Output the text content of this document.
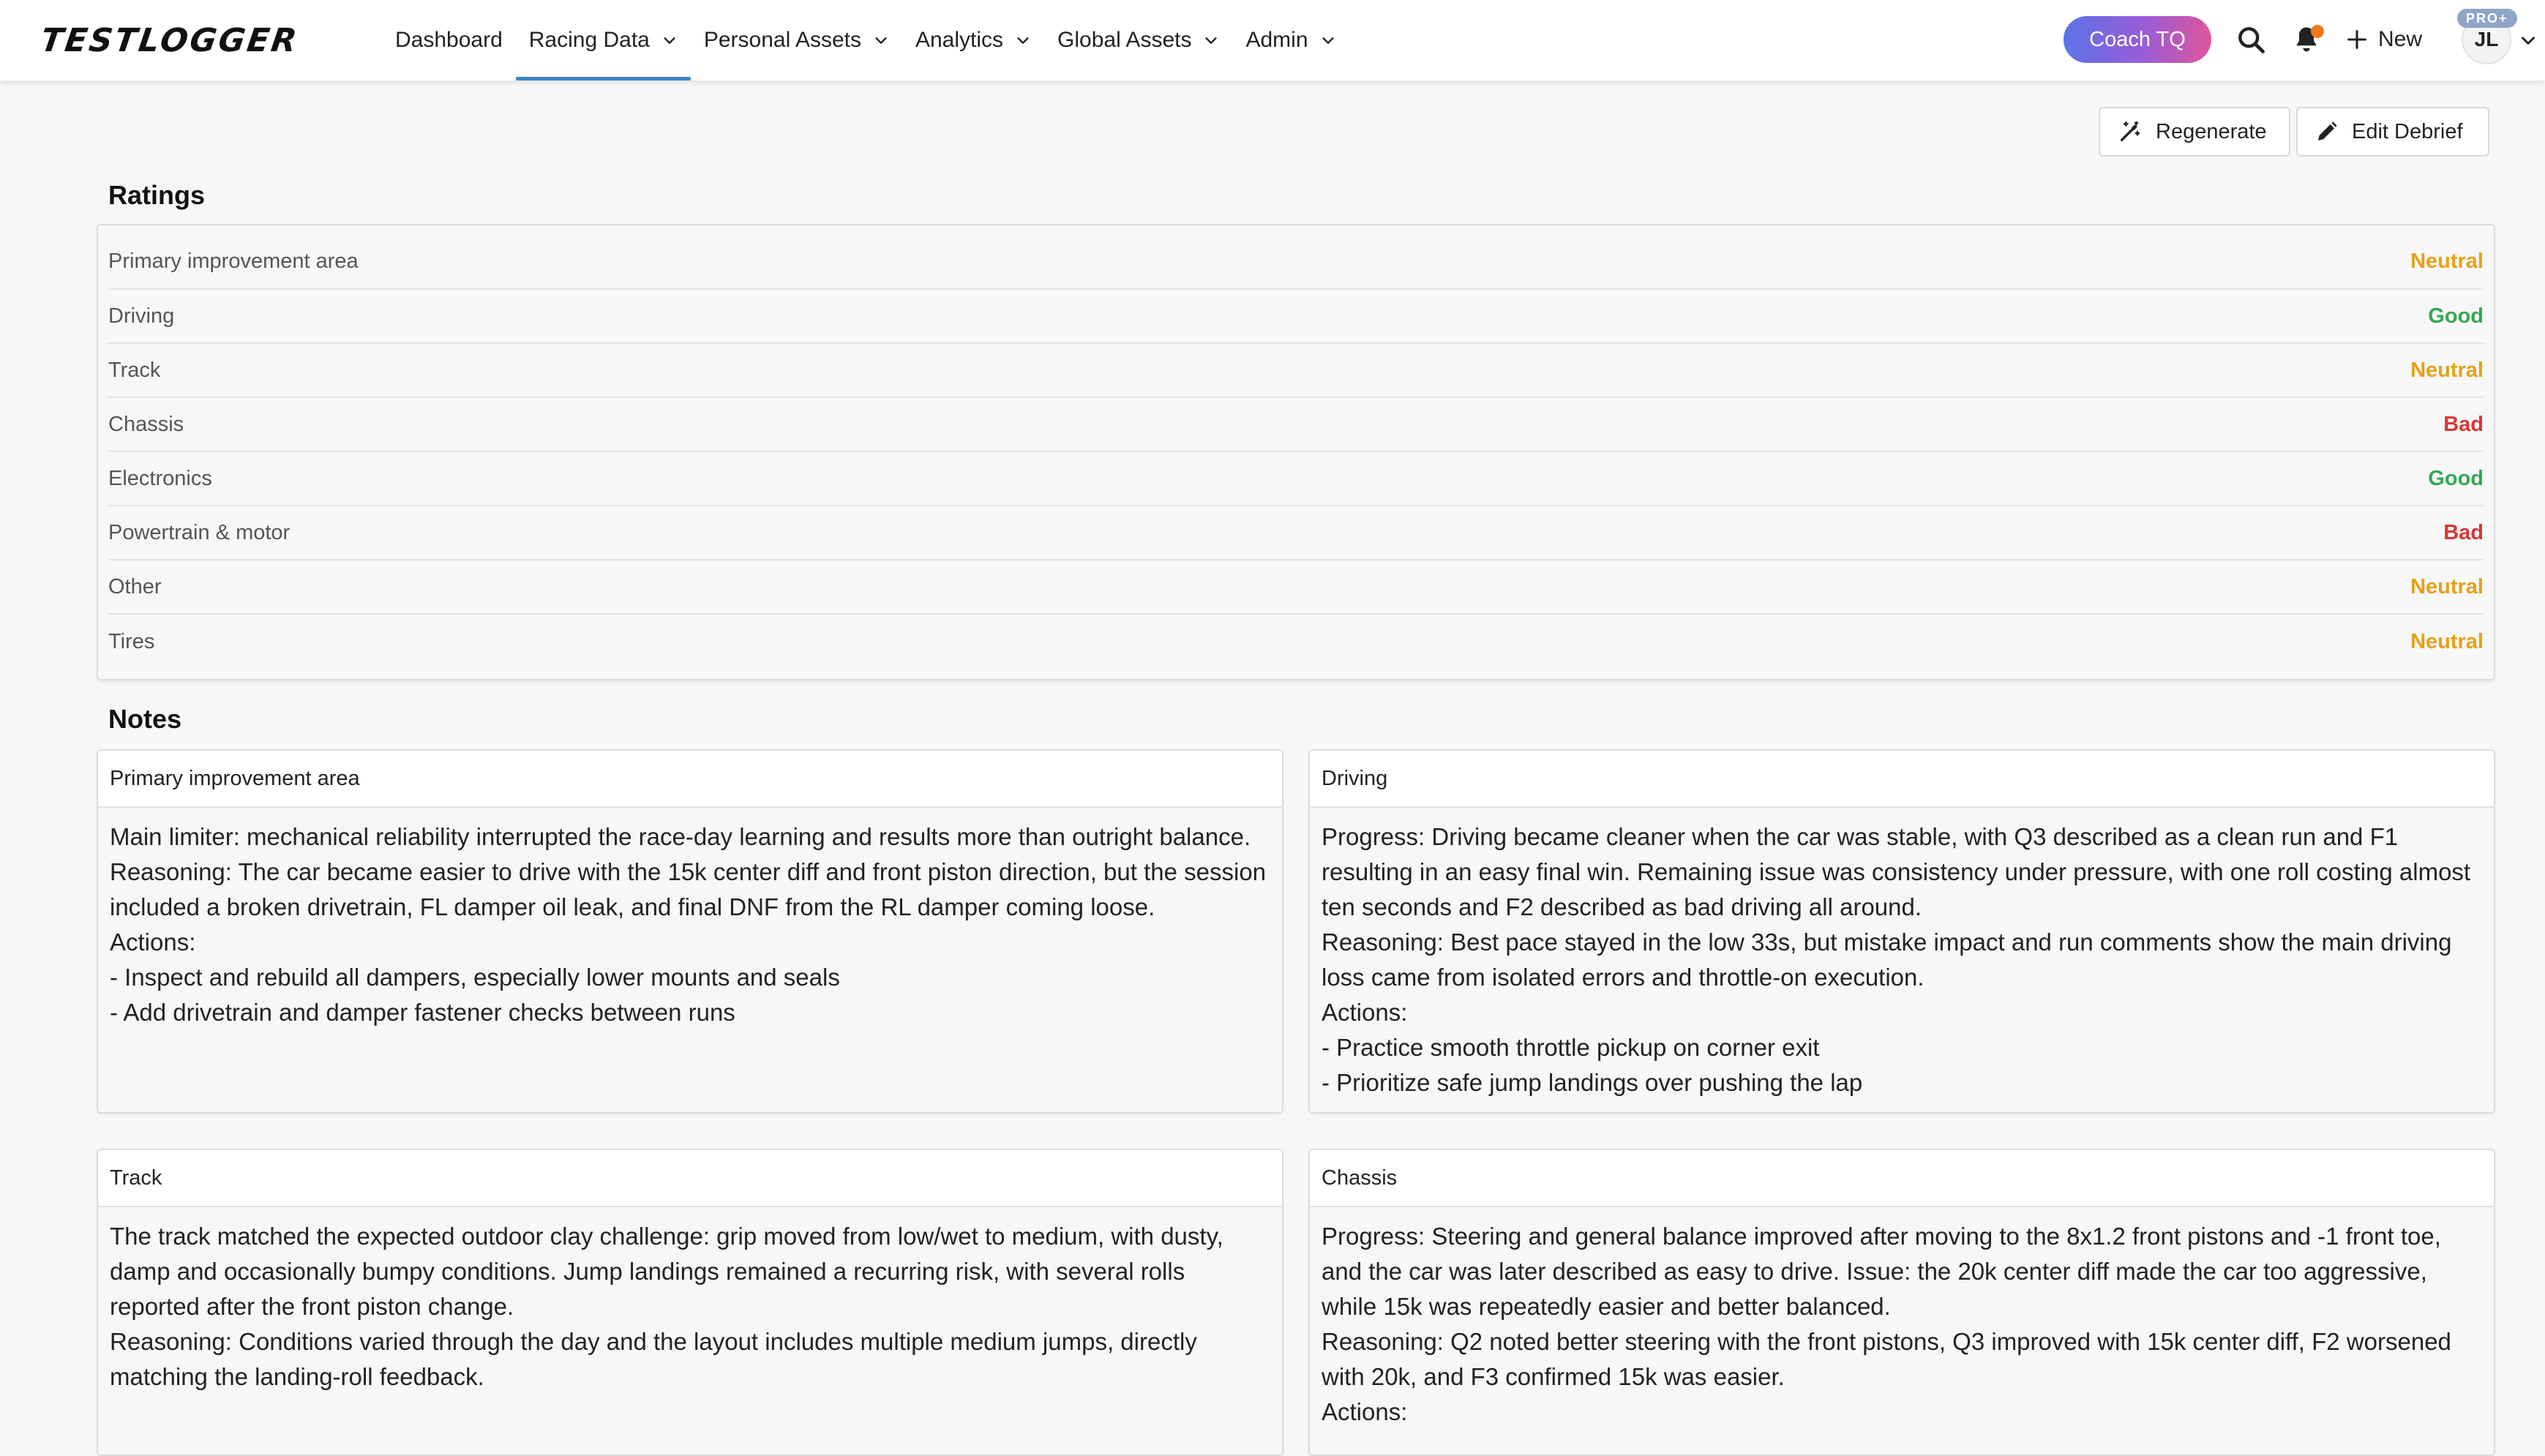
TESTLOGGER	Dashboard Racing Data Personal Assets Analytics Global Assets Admin	Coach TQ	New
PRO+
JL
Regenerate	Edit Debrief
Ratings
Primary improvement area	Neutral
Driving	Good
Track	Neutral
Chassis	Bad
Electronics	Good
Powertrain & motor	Bad
Other	Neutral
Tires	Neutral
Notes
Primary improvement area
Main limiter: mechanical reliability interrupted the race-day learning and results more than outright balance.
Reasoning: The car became easier to drive with the 15k center diff and front piston direction, but the session included a broken drivetrain, FL damper oil leak, and final DNF from the RL damper coming loose.
Actions:
- Inspect and rebuild all dampers, especially lower mounts and seals
- Add drivetrain and damper fastener checks between runs
Driving
Progress: Driving became cleaner when the car was stable, with Q3 described as a clean run and F1 resulting in an easy final win. Remaining issue was consistency under pressure, with one roll costing almost ten seconds and F2 described as bad driving all around.
Reasoning: Best pace stayed in the low 33s, but mistake impact and run comments show the main driving loss came from isolated errors and throttle-on execution.
Actions:
- Practice smooth throttle pickup on corner exit
- Prioritize safe jump landings over pushing the lap
Track
The track matched the expected outdoor clay challenge: grip moved from low/wet to medium, with dusty, damp and occasionally bumpy conditions. Jump landings remained a recurring risk, with several rolls reported after the front piston change.
Reasoning: Conditions varied through the day and the layout includes multiple medium jumps, directly matching the landing-roll feedback.
Chassis
Progress: Steering and general balance improved after moving to the 8x1.2 front pistons and -1 front toe, and the car was later described as easy to drive. Issue: the 20k center diff made the car too aggressive, while 15k was repeatedly easier and better balanced.
Reasoning: Q2 noted better steering with the front pistons, Q3 improved with 15k center diff, F2 worsened with 20k, and F3 confirmed 15k was easier.
Actions:
